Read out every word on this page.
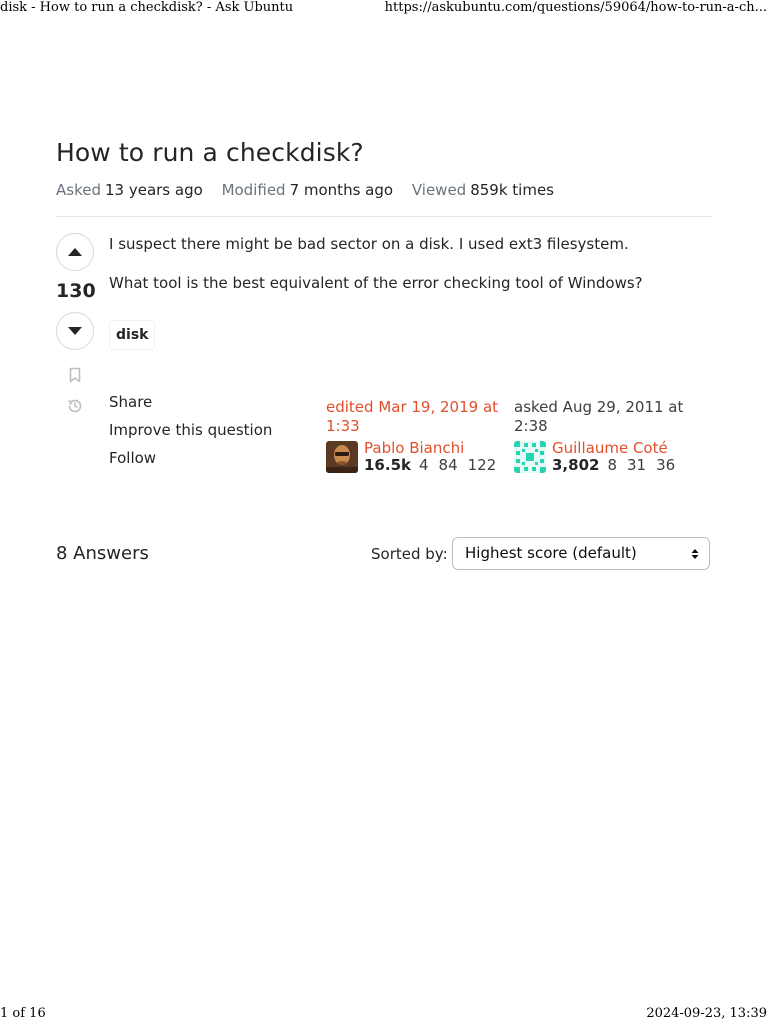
disk - How to run a checkdisk? - Ask Ubuntu	https://askubuntu.com/questions/59064/how-to-run-a-ch...
How to run a checkdisk?
Asked 13 years ago Modified 7 months ago Viewed 859k times
130
I suspect there might be bad sector on a disk. I used ext3 filesystem.
What tool is the best equivalent of the error checking tool of Windows?
disk
Share
Improve this question
Follow
edited Mar 19, 2019 at 1:33
Pablo Bianchi
16.5k 4 84 122
asked Aug 29, 2011 at 2:38
Guillaume Coté
3,802 8 31 36
8 Answers	Sorted by:	Highest score (default)
1 of 16	2024-09-23, 13:39
